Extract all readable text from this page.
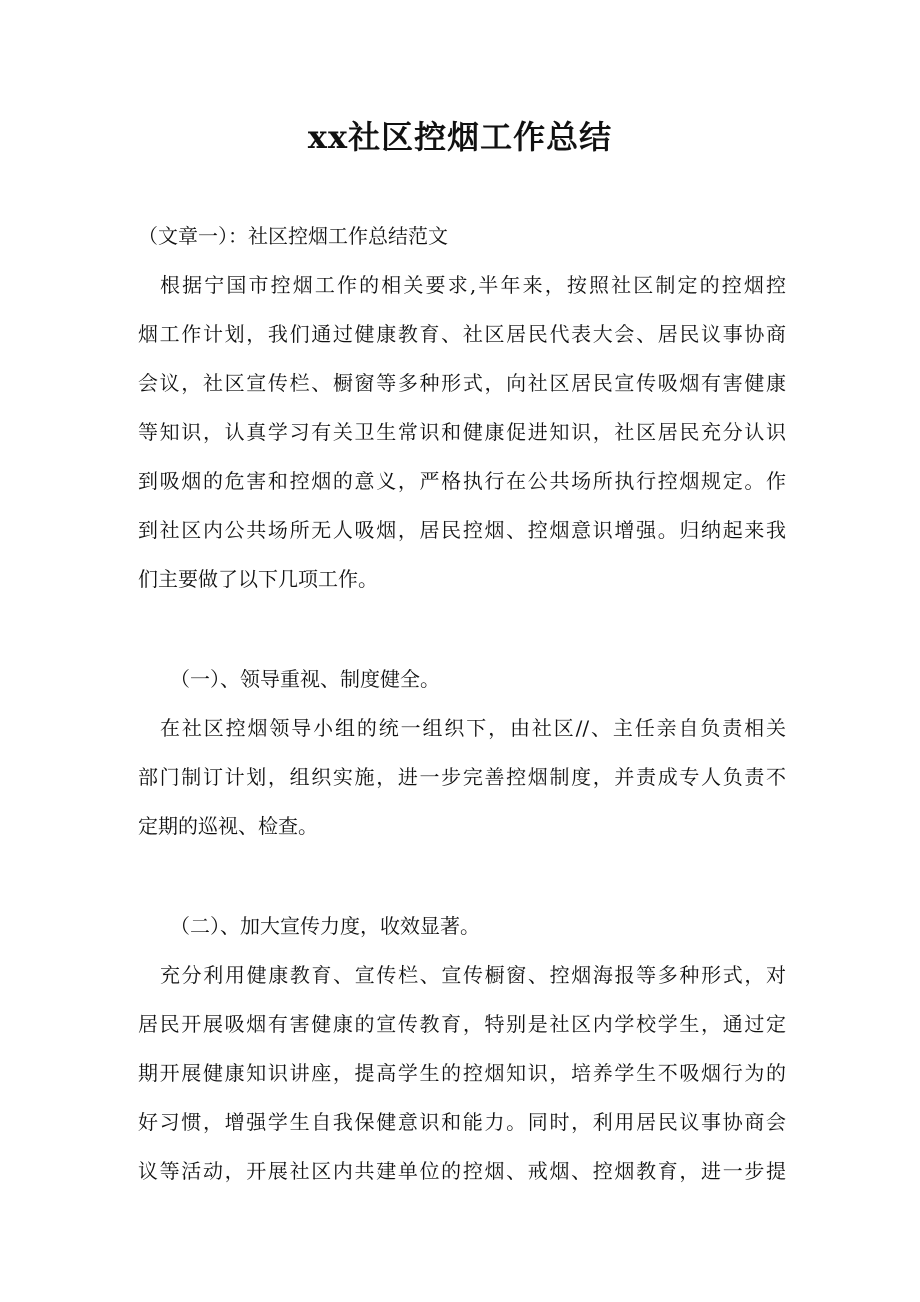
xx社区控烟工作总结
（文章一）：社区控烟工作总结范文
根据宁国市控烟工作的相关要求,半年来，按照社区制定的控烟控
烟工作计划，我们通过健康教育、社区居民代表大会、居民议事协商
会议，社区宣传栏、橱窗等多种形式，向社区居民宣传吸烟有害健康
等知识，认真学习有关卫生常识和健康促进知识，社区居民充分认识
到吸烟的危害和控烟的意义，严格执行在公共场所执行控烟规定。作
到社区内公共场所无人吸烟，居民控烟、控烟意识增强。归纳起来我
们主要做了以下几项工作。
（一）、领导重视、制度健全。
在社区控烟领导小组的统一组织下，由社区//、主任亲自负责相关
部门制订计划，组织实施，进一步完善控烟制度，并责成专人负责不
定期的巡视、检查。
（二）、加大宣传力度，收效显著。
充分利用健康教育、宣传栏、宣传橱窗、控烟海报等多种形式，对
居民开展吸烟有害健康的宣传教育，特别是社区内学校学生，通过定
期开展健康知识讲座，提高学生的控烟知识，培养学生不吸烟行为的
好习惯，增强学生自我保健意识和能力。同时，利用居民议事协商会
议等活动，开展社区内共建单位的控烟、戒烟、控烟教育，进一步提
